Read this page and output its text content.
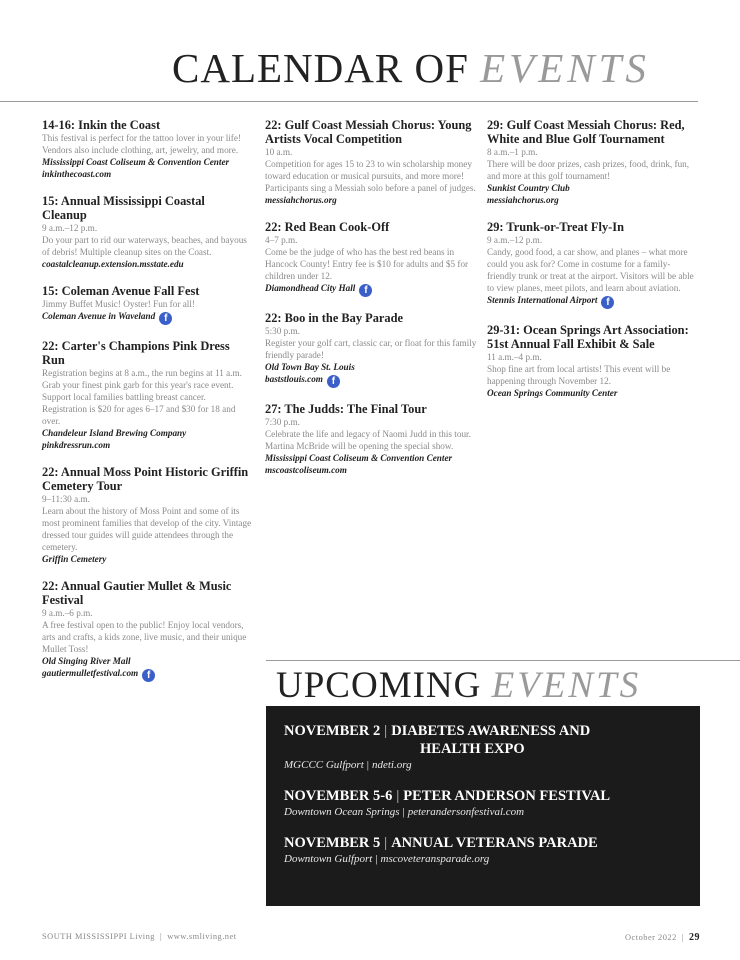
CALENDAR OF EVENTS
14-16: Inkin the Coast
This festival is perfect for the tattoo lover in your life! Vendors also include clothing, art, jewelry, and more.
Mississippi Coast Coliseum & Convention Center
inkinthecoast.com
15: Annual Mississippi Coastal Cleanup
9 a.m.–12 p.m.
Do your part to rid our waterways, beaches, and bayous of debris! Multiple cleanup sites on the Coast.
coastalcleanup.extension.msstate.edu
15: Coleman Avenue Fall Fest
Jimmy Buffet Music! Oyster! Fun for all!
Coleman Avenue in Waveland f
22: Carter's Champions Pink Dress Run
Registration begins at 8 a.m., the run begins at 11 a.m. Grab your finest pink garb for this year's race event. Support local families battling breast cancer. Registration is $20 for ages 6–17 and $30 for 18 and over.
Chandeleur Island Brewing Company
pinkdressrun.com
22: Annual Moss Point Historic Griffin Cemetery Tour
9–11:30 a.m.
Learn about the history of Moss Point and some of its most prominent families that develop of the city. Vintage dressed tour guides will guide attendees through the cemetery.
Griffin Cemetery
22: Annual Gautier Mullet & Music Festival
9 a.m.–6 p.m.
A free festival open to the public! Enjoy local vendors, arts and crafts, a kids zone, live music, and their unique Mullet Toss!
Old Singing River Mall
gautiermulletfestival.com f
22: Gulf Coast Messiah Chorus: Young Artists Vocal Competition
10 a.m.
Competition for ages 15 to 23 to win scholarship money toward education or musical pursuits, and more more! Participants sing a Messiah solo before a panel of judges.
messiahchorus.org
22: Red Bean Cook-Off
4–7 p.m.
Come be the judge of who has the best red beans in Hancock County! Entry fee is $10 for adults and $5 for children under 12.
Diamondhead City Hall f
22: Boo in the Bay Parade
5:30 p.m.
Register your golf cart, classic car, or float for this family friendly parade!
Old Town Bay St. Louis
baststlouis.com f
27: The Judds: The Final Tour
7:30 p.m.
Celebrate the life and legacy of Naomi Judd in this tour. Martina McBride will be opening the special show.
Mississippi Coast Coliseum & Convention Center
mscoastcoliseum.com
29: Gulf Coast Messiah Chorus: Red, White and Blue Golf Tournament
8 a.m.–1 p.m.
There will be door prizes, cash prizes, food, drink, fun, and more at this golf tournament!
Sunkist Country Club
messiahchorus.org
29: Trunk-or-Treat Fly-In
9 a.m.–12 p.m.
Candy, good food, a car show, and planes – what more could you ask for? Come in costume for a family-friendly trunk or treat at the airport. Visitors will be able to view planes, meet pilots, and learn about aviation.
Stennis International Airport f
29-31: Ocean Springs Art Association: 51st Annual Fall Exhibit & Sale
11 a.m.–4 p.m.
Shop fine art from local artists! This event will be happening through November 12.
Ocean Springs Community Center
UPCOMING EVENTS
NOVEMBER 2 | DIABETES AWARENESS AND
HEALTH EXPO
MGCCC Gulfport | ndeti.org
NOVEMBER 5-6 | PETER ANDERSON FESTIVAL
Downtown Ocean Springs | peterandersonfestival.com
NOVEMBER 5 | ANNUAL VETERANS PARADE
Downtown Gulfport | mscoveteransparade.org
SOUTH MISSISSIPPI Living | www.smliving.net	October 2022 | 29
